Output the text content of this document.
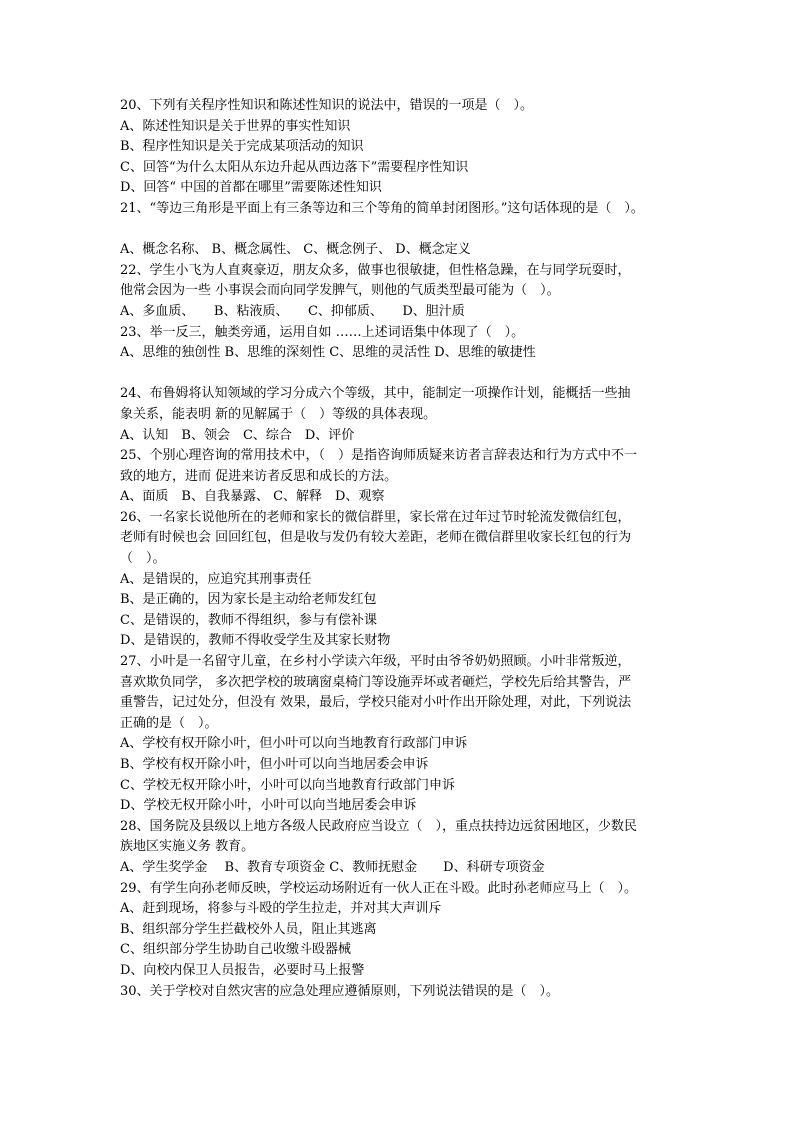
20、下列有关程序性知识和陈述性知识的说法中，错误的一项是（　）。
A、陈述性知识是关于世界的事实性知识
B、程序性知识是关于完成某项活动的知识
C、回答“为什么太阳从东边升起从西边落下”需要程序性知识
D、回答“ 中国的首都在哪里”需要陈述性知识
21、“等边三角形是平面上有三条等边和三个等角的简单封闭图形。”这句话体现的是（　）。
A、概念名称、 B、概念属性、 C、概念例子、 D、概念定义
22、学生小飞为人直爽豪迈，朋友众多，做事也很敏捷，但性格急躁，在与同学玩耍时，
他常会因为一些 小事误会而向同学发脾气，则他的气质类型最可能为（　）。
A、多血质、　　B、粘液质、　　C、抑郁质、　　D、胆汁质
23、举一反三，触类旁通，运用自如 ……上述词语集中体现了（　）。
A、思维的独创性 B、思维的深刻性 C、思维的灵活性 D、思维的敏捷性
24、布鲁姆将认知领域的学习分成六个等级，其中，能制定一项操作计划，能概括一些抽
象关系，能表明 新的见解属于（　）等级的具体表现。
A、认知　B、领会　C、综合　D、评价
25、个别心理咨询的常用技术中，（　）是指咨询师质疑来访者言辞表达和行为方式中不一
致的地方，进而 促进来访者反思和成长的方法。
A、面质　B、自我暴露、 C、解释　D、观察
26、一名家长说他所在的老师和家长的微信群里，家长常在过年过节时轮流发微信红包，
老师有时候也会 回回红包，但是收与发仍有较大差距，老师在微信群里收家长红包的行为
（　）。
A、是错误的，应追究其刑事责任
B、是正确的，因为家长是主动给老师发红包
C、是错误的，教师不得组织，参与有偿补课
D、是错误的，教师不得收受学生及其家长财物
27、小叶是一名留守儿童，在乡村小学读六年级，平时由爷爷奶奶照顾。小叶非常叛逆，
喜欢欺负同学， 多次把学校的玻璃窗桌椅门等设施弄坏或者砸烂，学校先后给其警告，严
重警告，记过处分，但没有 效果，最后，学校只能对小叶作出开除处理，对此，下列说法
正确的是（　）。
A、学校有权开除小叶，但小叶可以向当地教育行政部门申诉
B、学校有权开除小叶，但小叶可以向当地居委会申诉
C、学校无权开除小叶，小叶可以向当地教育行政部门申诉
D、学校无权开除小叶，小叶可以向当地居委会申诉
28、国务院及县级以上地方各级人民政府应当设立（　），重点扶持边远贫困地区，少数民
族地区实施义务 教育。
A、学生奖学金　 B、教育专项资金 C、教师抚慰金　　D、科研专项资金
29、有学生向孙老师反映，学校运动场附近有一伙人正在斗殴。此时孙老师应马上（　）。
A、赶到现场，将参与斗殴的学生拉走，并对其大声训斥
B、组织部分学生拦截校外人员，阻止其逃离
C、组织部分学生协助自己收缴斗殴器械
D、向校内保卫人员报告，必要时马上报警
30、关于学校对自然灾害的应急处理应遵循原则，下列说法错误的是（　）。
